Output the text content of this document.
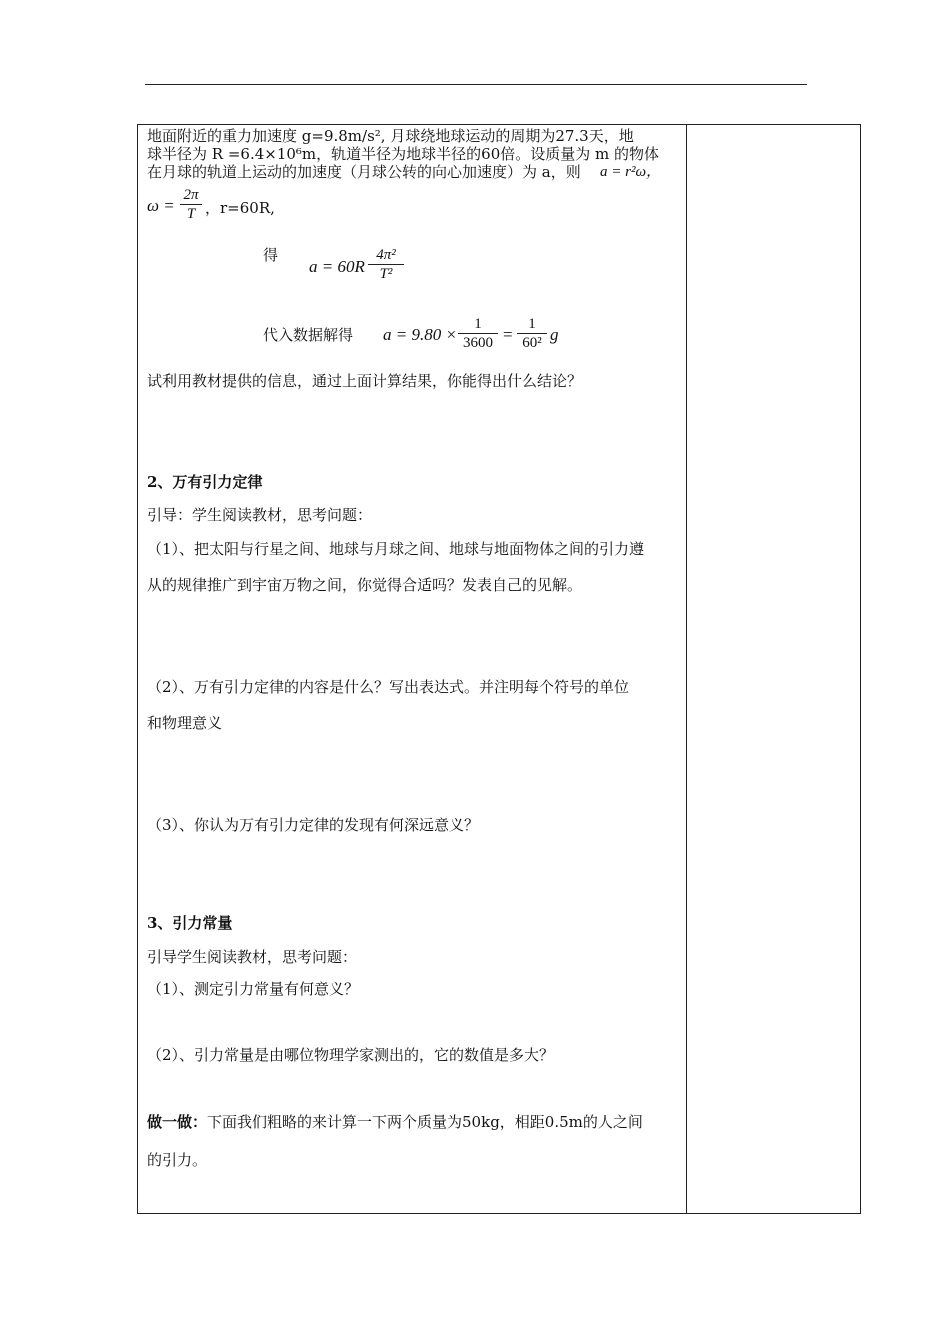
地面附近的重力加速度 g=9.8m/s², 月球绕地球运动的周期为27.3天，地
球半径为 R =6.4×10⁶m，轨道半径为地球半径的60倍。设质量为 m 的物体
在月球的轨道上运动的加速度（月球公转的向心加速度）为 a，则 a = r²ω，
ω =
2π
T ，r=60R,
得
a = 60R
4π²
T²
代入数据解得 a = 9.80 ×
1
3600 =
1
60² g
试利用教材提供的信息，通过上面计算结果，你能得出什么结论？
2、万有引力定律
引导：学生阅读教材，思考问题：
（1）、把太阳与行星之间、地球与月球之间、地球与地面物体之间的引力遵
从的规律推广到宇宙万物之间，你觉得合适吗？发表自己的见解。
（2）、万有引力定律的内容是什么？写出表达式。并注明每个符号的单位
和物理意义
（3）、你认为万有引力定律的发现有何深远意义？
3、引力常量
引导学生阅读教材，思考问题：
（1）、测定引力常量有何意义？
（2）、引力常量是由哪位物理学家测出的，它的数值是多大？
做一做：下面我们粗略的来计算一下两个质量为50kg，相距0.5m的人之间
的引力。
